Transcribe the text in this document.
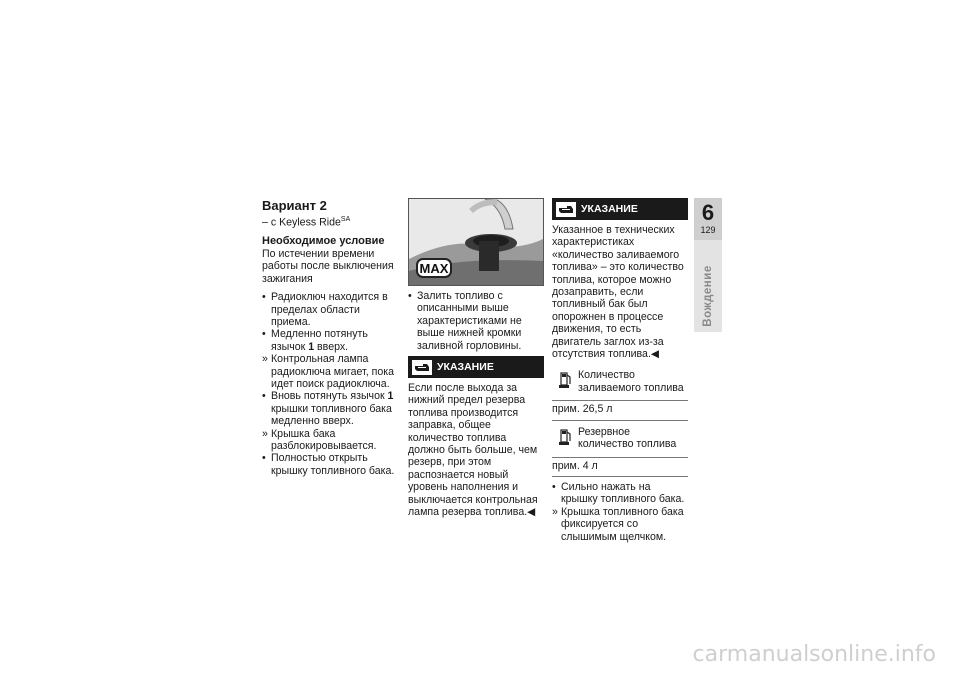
Вариант 2

– с Keyless Ride$^{SA}$

Необходимое условие

По истечении времени работы после выключения зажигания

• Радиоключ находится в пределах области приема.
• Медленно потянуть язычок 1 вверх.
» Контрольная лампа радиоключа мигает, пока идет поиск радиоключа.
• Вновь потянуть язычок 1 крышки топливного бака медленно вверх.
» Крышка бака разблокировывается.
• Полностью открыть крышку топливного бака.
MAX
• Залить топливо с описанными выше характеристиками не выше нижней кромки заливной горловины.
УКАЗАНИЕ

Если после выхода за нижний предел резерва топлива производится заправка, общее количество топлива должно быть больше, чем резерв, при этом распознается новый уровень наполнения и выключается контрольная лампа резерва топлива.◀

УКАЗАНИЕ

Указанное в технических характеристиках «количество заливаемого топлива» – это количество топлива, которое можно дозаправить, если топливный бак был опорожнен в процессе движения, то есть двигатель заглох из-за отсутствия топлива.◀

Количество заливаемого топлива
прим. 26,5 л
Резервное количество топлива
прим. 4 л
• Сильно нажать на крышку топливного бака.
» Крышка топливного бака фиксируется со слышимым щелчком.
6
129
Вождение
carmanualsonline.info
